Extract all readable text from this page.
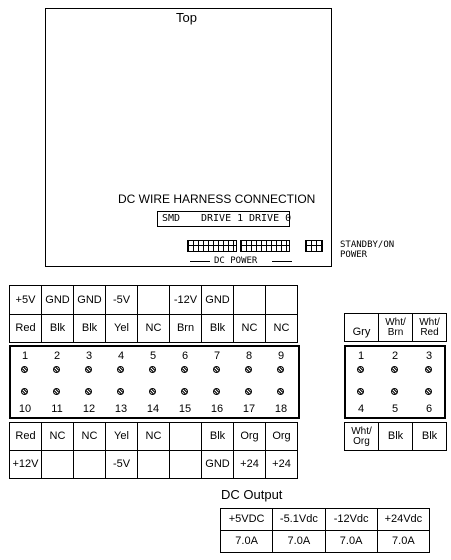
Top
DC WIRE HARNESS CONNECTION
SMD DRIVE 1 DRIVE 0
DC POWER
STANDBY/ON POWER
+5V	GND	GND	-5V		-12V	GND		
Red	Blk	Blk	Yel	NC	Brn	Blk	NC	NC
1	2	3	4	5	6	7	8	9
10	11	12	13	14	15	16	17	18
Red	NC	NC	Yel	NC		Blk	Org	Org
+12V			-5V			GND	+24	+24
Gry	Wht/ Brn	Wht/ Red
1	2	3
4	5	6
Wht/ Org	Blk	Blk
DC Output
+5VDC	-5.1Vdc	-12Vdc	+24Vdc
7.0A	7.0A	7.0A	7.0A
